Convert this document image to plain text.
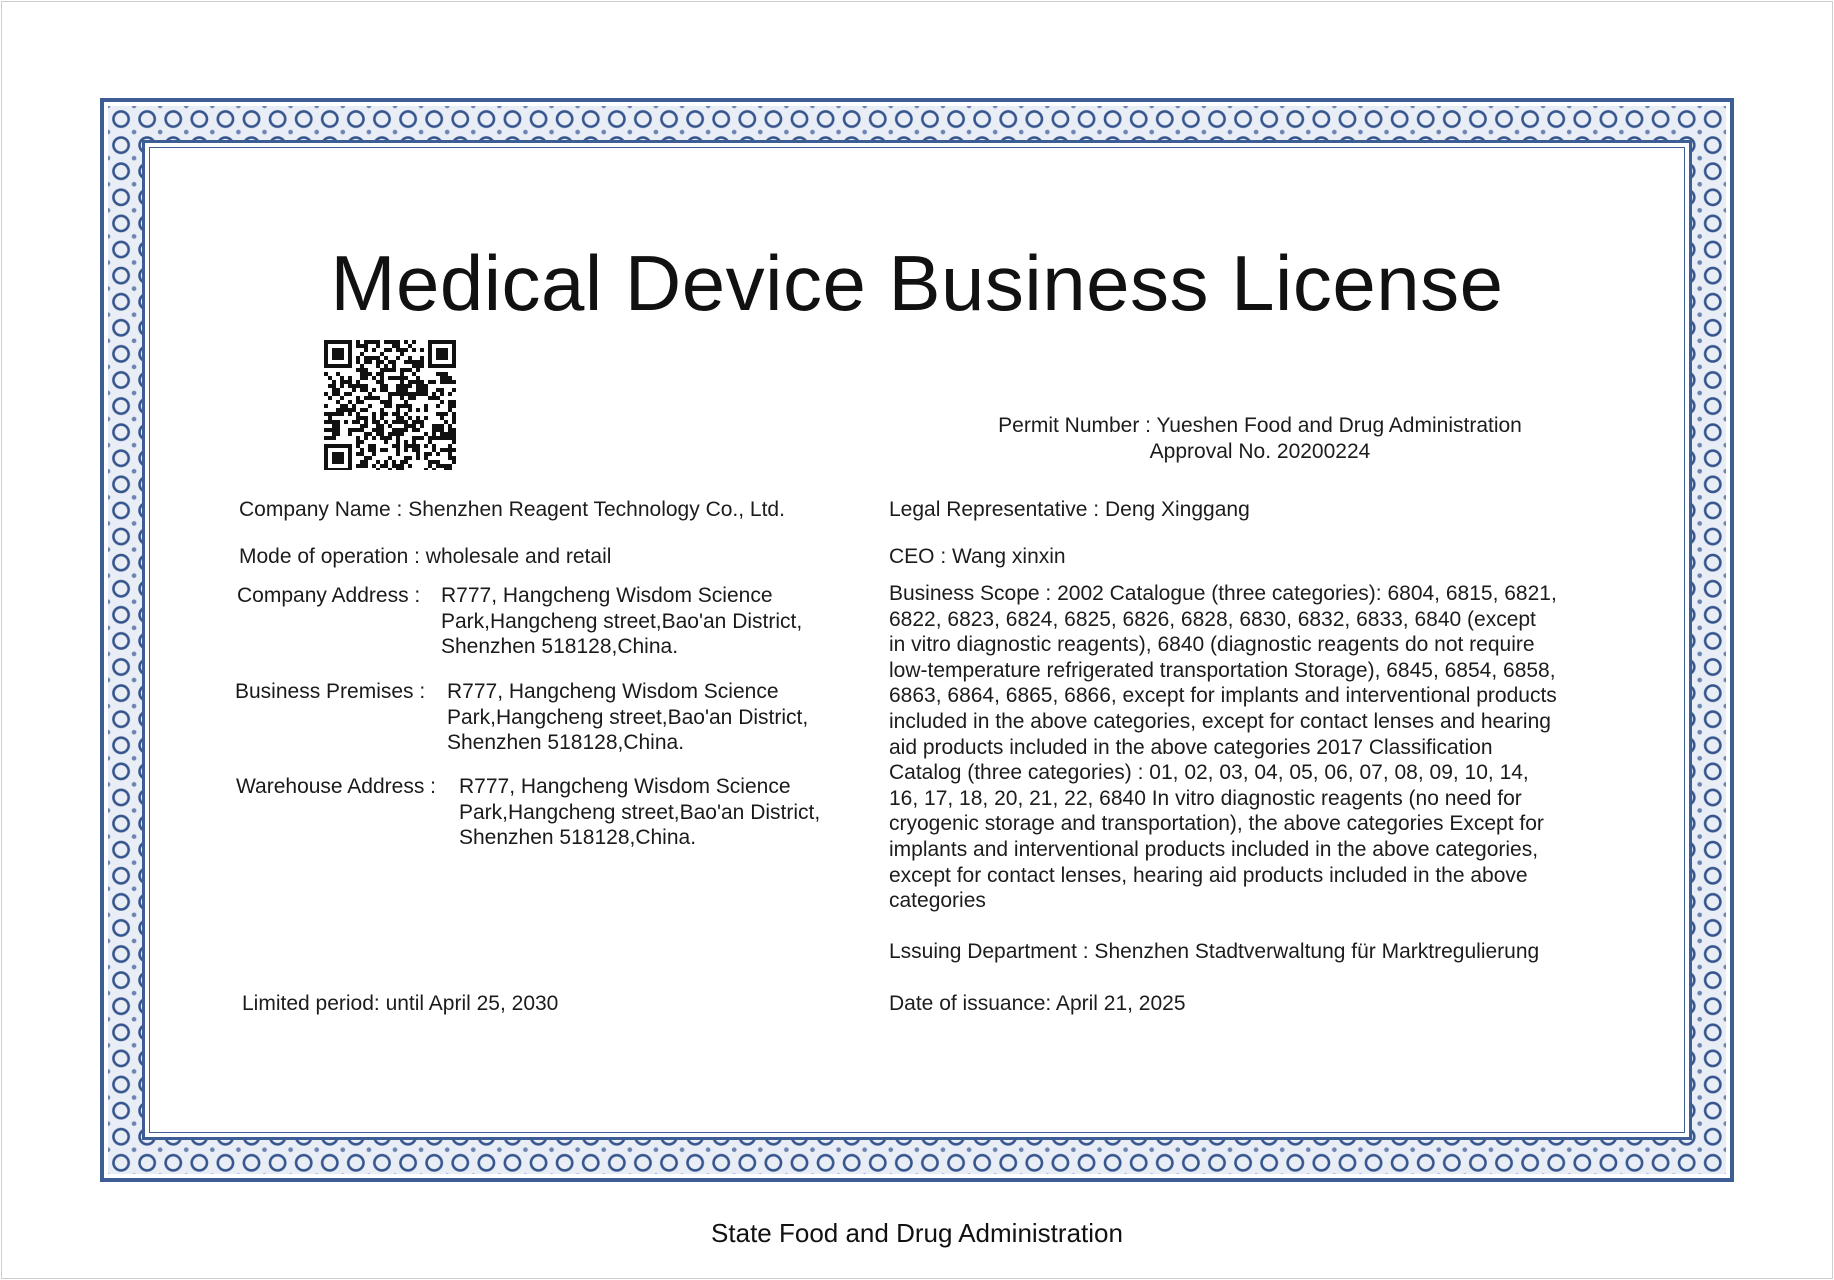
Medical Device Business License
Permit Number : Yueshen Food and Drug Administration
Approval No. 20200224
Company Name : Shenzhen Reagent Technology Co., Ltd.
Mode of operation : wholesale and retail
Company Address : R777, Hangcheng Wisdom Science
Park,Hangcheng street,Bao'an District,
Shenzhen 518128,China.
Business Premises : R777, Hangcheng Wisdom Science
Park,Hangcheng street,Bao'an District,
Shenzhen 518128,China.
Warehouse Address : R777, Hangcheng Wisdom Science
Park,Hangcheng street,Bao'an District,
Shenzhen 518128,China.
Legal Representative : Deng Xinggang
CEO : Wang xinxin
Business Scope : 2002 Catalogue (three categories): 6804, 6815, 6821,
6822, 6823, 6824, 6825, 6826, 6828, 6830, 6832, 6833, 6840 (except
in vitro diagnostic reagents), 6840 (diagnostic reagents do not require
low-temperature refrigerated transportation Storage), 6845, 6854, 6858,
6863, 6864, 6865, 6866, except for implants and interventional products
included in the above categories, except for contact lenses and hearing
aid products included in the above categories 2017 Classification
Catalog (three categories) : 01, 02, 03, 04, 05, 06, 07, 08, 09, 10, 14,
16, 17, 18, 20, 21, 22, 6840 In vitro diagnostic reagents (no need for
cryogenic storage and transportation), the above categories Except for
implants and interventional products included in the above categories,
except for contact lenses, hearing aid products included in the above
categories
Lssuing Department : Shenzhen Stadtverwaltung für Marktregulierung
Limited period: until April 25, 2030	Date of issuance: April 21, 2025
State Food and Drug Administration
